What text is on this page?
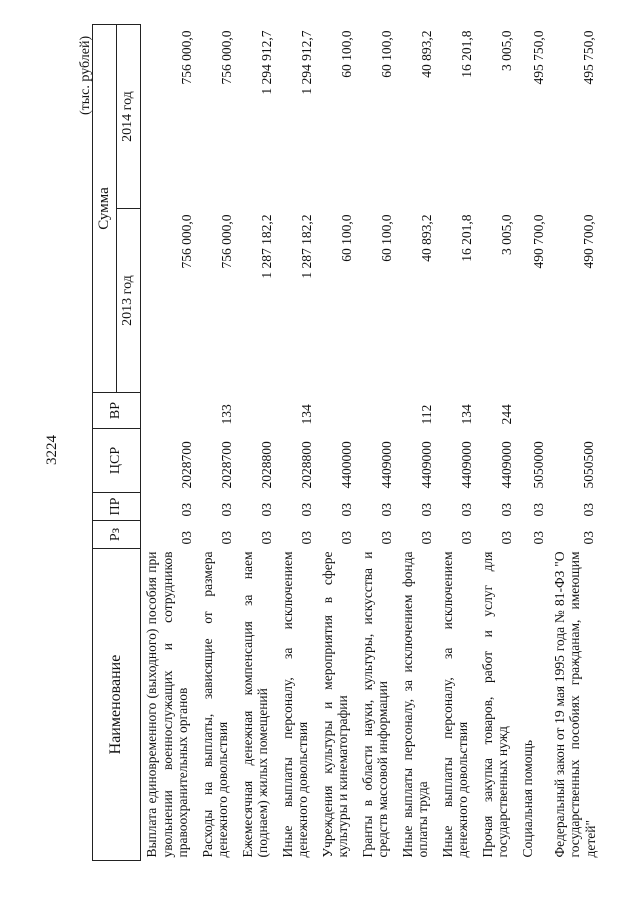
3224
(тыс. рублей)
Наименование	Рз	ПР	ЦСР	ВР	Сумма	
					2013 год	2014 год
Выплата единовременного (выходного) пособия при увольнении военнослужащих и сотрудников правоохранительных органов	03	03	2028700		756 000,0	756 000,0
Расходы на выплаты, зависящие от размера денежного довольствия	03	03	2028700	133	756 000,0	756 000,0
Ежемесячная денежная компенсация за наем (поднаем) жилых помещений	03	03	2028800		1 287 182,2	1 294 912,7
Иные выплаты персоналу, за исключением денежного довольствия	03	03	2028800	134	1 287 182,2	1 294 912,7
Учреждения культуры и мероприятия в сфере культуры и кинематографии	03	03	4400000		60 100,0	60 100,0
Гранты в области науки, культуры, искусства и средств массовой информации	03	03	4409000		60 100,0	60 100,0
Иные выплаты персоналу, за исключением фонда оплаты труда	03	03	4409000	112	40 893,2	40 893,2
Иные выплаты персоналу, за исключением денежного довольствия	03	03	4409000	134	16 201,8	16 201,8
Прочая закупка товаров, работ и услуг для государственных нужд	03	03	4409000	244	3 005,0	3 005,0
Социальная помощь	03	03	5050000		490 700,0	495 750,0
Федеральный закон от 19 мая 1995 года № 81-ФЗ "О государственных пособиях гражданам, имеющим детей"	03	03	5050500		490 700,0	495 750,0
